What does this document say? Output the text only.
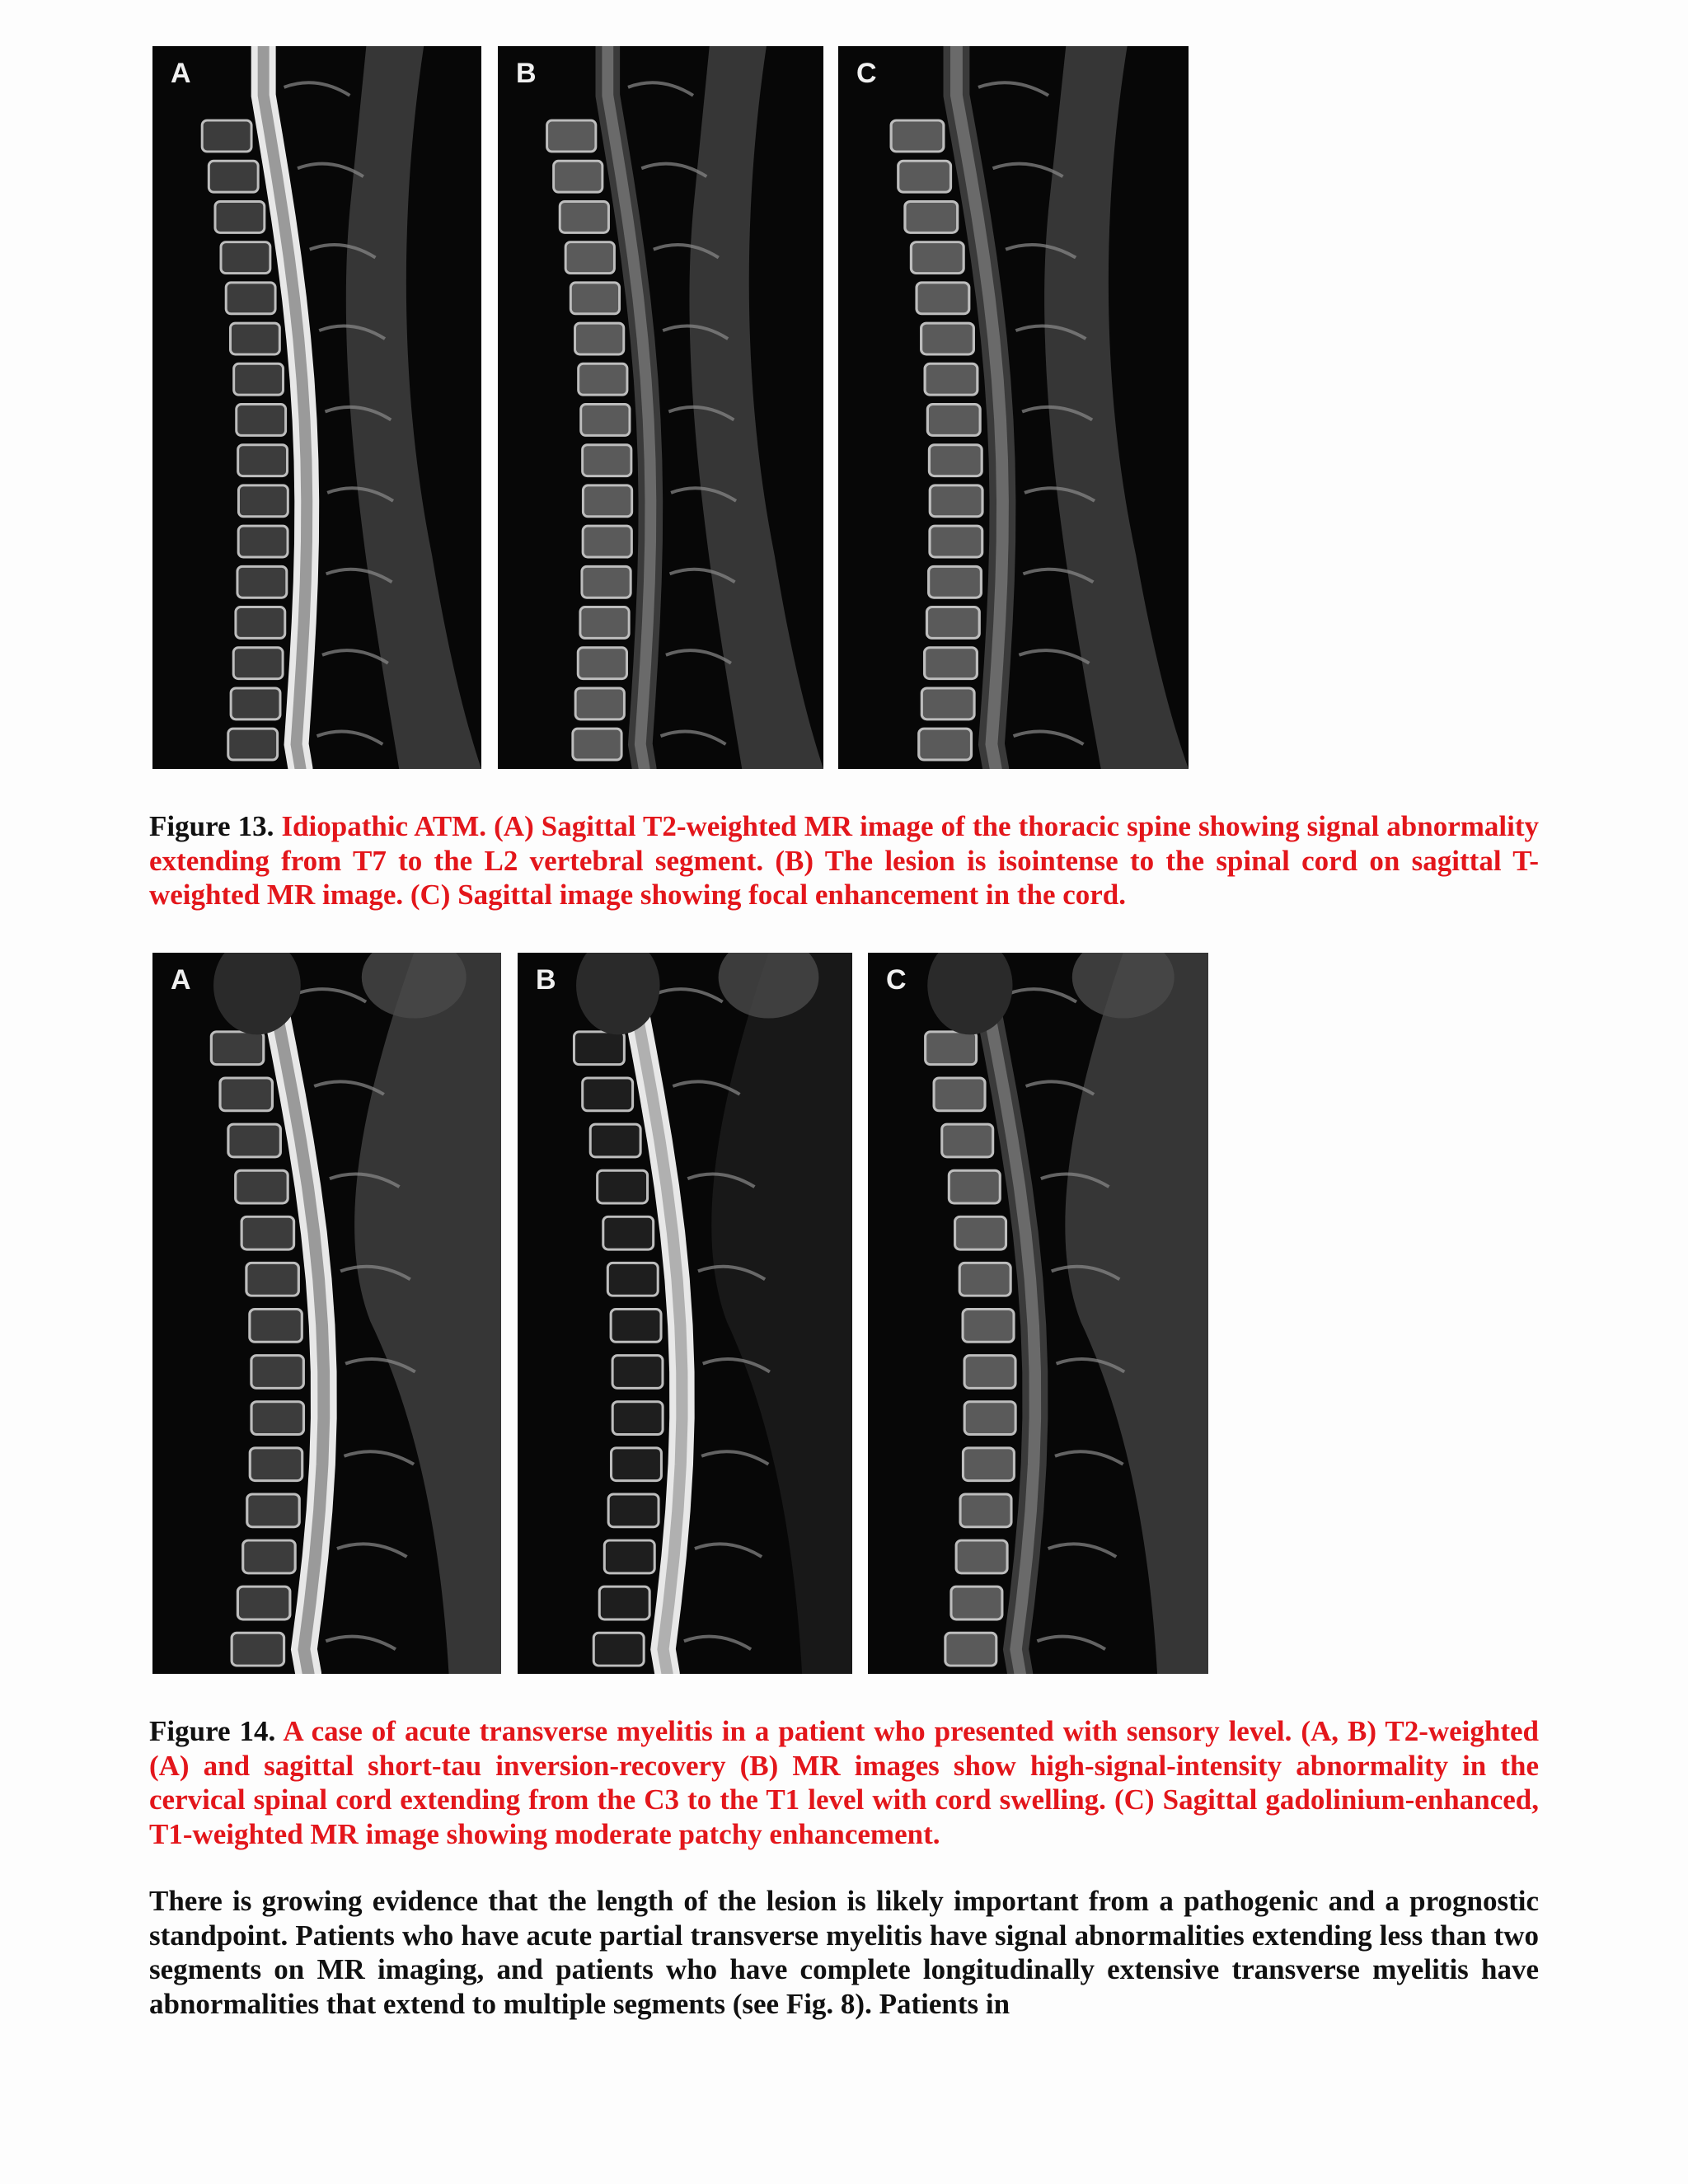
A	B	C
Figure 13. Idiopathic ATM. (A) Sagittal T2-weighted MR image of the thoracic spine showing signal abnormality extending from T7 to the L2 vertebral segment. (B) The lesion is isointense to the spinal cord on sagittal T-weighted MR image. (C) Sagittal image showing focal enhancement in the cord.
A	B	C
Figure 14. A case of acute transverse myelitis in a patient who presented with sensory level. (A, B) T2-weighted (A) and sagittal short-tau inversion-recovery (B) MR images show high-signal-intensity abnormality in the cervical spinal cord extending from the C3 to the T1 level with cord swelling. (C) Sagittal gadolinium-enhanced, T1-weighted MR image showing moderate patchy enhancement.
There is growing evidence that the length of the lesion is likely important from a pathogenic and a prognostic standpoint. Patients who have acute partial transverse myelitis have signal abnormalities extending less than two segments on MR imaging, and patients who have complete longitudinally extensive transverse myelitis have abnormalities that extend to multiple segments (see Fig. 8). Patients in
